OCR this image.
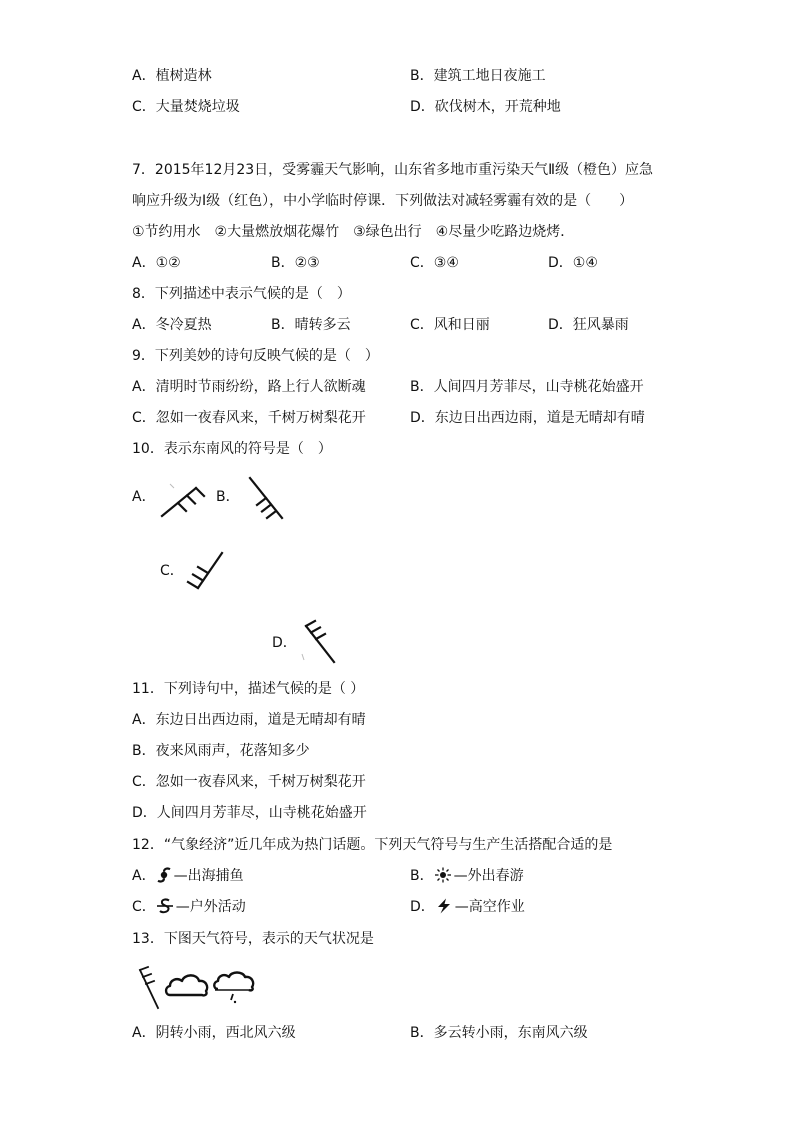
A．植树造林	B．建筑工地日夜施工
C．大量焚烧垃圾	D．砍伐树木，开荒种地
7．2015年12月23日，受雾霾天气影响，山东省多地市重污染天气Ⅱ级（橙色）应急
响应升级为Ⅰ级（红色），中小学临时停课．下列做法对减轻雾霾有效的是（　　）
①节约用水　②大量燃放烟花爆竹　③绿色出行　④尽量少吃路边烧烤．
A．①②	B．②③	C．③④	D．①④
8．下列描述中表示气候的是（　）
A．冬冷夏热	B．晴转多云	C．风和日丽	D．狂风暴雨
9．下列美妙的诗句反映气候的是（　）
A．清明时节雨纷纷，路上行人欲断魂	B．人间四月芳菲尽，山寺桃花始盛开
C．忽如一夜春风来，千树万树梨花开	D．东边日出西边雨，道是无晴却有晴
10．表示东南风的符号是（　）
A．	B．
C．
D．
11．下列诗句中，描述气候的是（ ）
A．东边日出西边雨，道是无晴却有晴
B．夜来风雨声，花落知多少
C．忽如一夜春风来，千树万树梨花开
D．人间四月芳菲尽，山寺桃花始盛开
12．“气象经济”近几年成为热门话题。下列天气符号与生产生活搭配合适的是
A． —出海捕鱼	B． —外出春游
C． —户外活动	D． —高空作业
13．下图天气符号，表示的天气状况是
A．阴转小雨，西北风六级	B．多云转小雨，东南风六级
